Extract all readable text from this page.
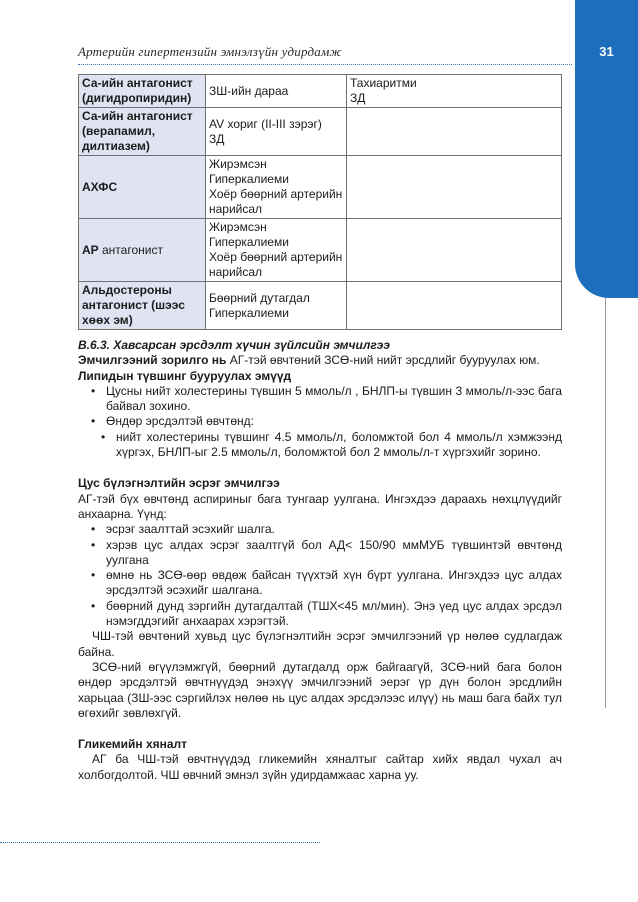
31
Артерийн гипертензийн эмнэлзүйн удирдамж
Са-ийн антагонист (дигидропиридин)	ЗШ-ийн дараа	Тахиаритми
ЗД
Са-ийн антагонист (верапамил, дилтиазем)	AV хориг (II-III зэрэг)
ЗД	
АХФС	Жирэмсэн
Гиперкалиеми
Хоёр бөөрний артерийн нарийсал	
АР антагонист	Жирэмсэн
Гиперкалиеми
Хоёр бөөрний артерийн нарийсал	
Альдостероны антагонист (шээс хөөх эм)	Бөөрний дутагдал
Гиперкалиеми	

В.6.3. Хавсарсан эрсдэлт хүчин зүйлсийн эмчилгээ

Эмчилгээний зорилго нь АГ-тэй өвчтөний ЗСӨ-ний нийт эрсдлийг бууруулах юм.

Липидын түвшинг бууруулах эмүүд

• Цусны нийт холестерины түвшин 5 ммоль/л , БНЛП-ы түвшин 3 ммоль/л-ээс бага байвал зохино.
• Өндөр эрсдэлтэй өвчтөнд:
• нийт холестерины түвшинг 4.5 ммоль/л, боломжтой бол 4 ммоль/л хэмжээнд хүргэх, БНЛП-ыг 2.5 ммоль/л, боломжтой бол 2 ммоль/л-т хүргэхийг зорино.

Цус бүлэгнэлтийн эсрэг эмчилгээ

АГ-тэй бүх өвчтөнд аспириныг бага тунгаар уулгана. Ингэхдээ дараахь нөхцлүүдийг анхаарна. Үүнд:

• эсрэг заалттай эсэхийг шалга.
• хэрэв цус алдах эсрэг заалтгүй бол АД< 150/90 ммМУБ түвшинтэй өвчтөнд уулгана
• өмнө нь ЗСӨ-өөр өвдөж байсан түүхтэй хүн бүрт уулгана. Ингэхдээ цус алдах эрсдэлтэй эсэхийг шалгана.
• бөөрний дунд зэргийн дутагдалтай (ТШХ<45 мл/мин). Энэ үед цус алдах эрсдэл нэмэгддэгийг анхаарах хэрэгтэй.

ЧШ-тэй өвчтөний хувьд цус бүлэгнэлтийн эсрэг эмчилгээний үр нөлөө судлагдаж байна.

ЗСӨ-ний өгүүлэмжгүй, бөөрний дутагдалд орж байгаагүй, ЗСӨ-ний бага болон өндөр эрсдэлтэй өвчтнүүдэд энэхүү эмчилгээний эерэг үр дүн болон эрсдлийн харьцаа (ЗШ-ээс сэргийлэх нөлөө нь цус алдах эрсдэлээс илүү) нь маш бага байх тул өгөхийг зөвлөхгүй.

Гликемийн хяналт

АГ ба ЧШ-тэй өвчтнүүдэд гликемийн хяналтыг сайтар хийх явдал чухал ач холбогдолтой. ЧШ өвчний эмнэл зүйн удирдамжаас харна уу.
